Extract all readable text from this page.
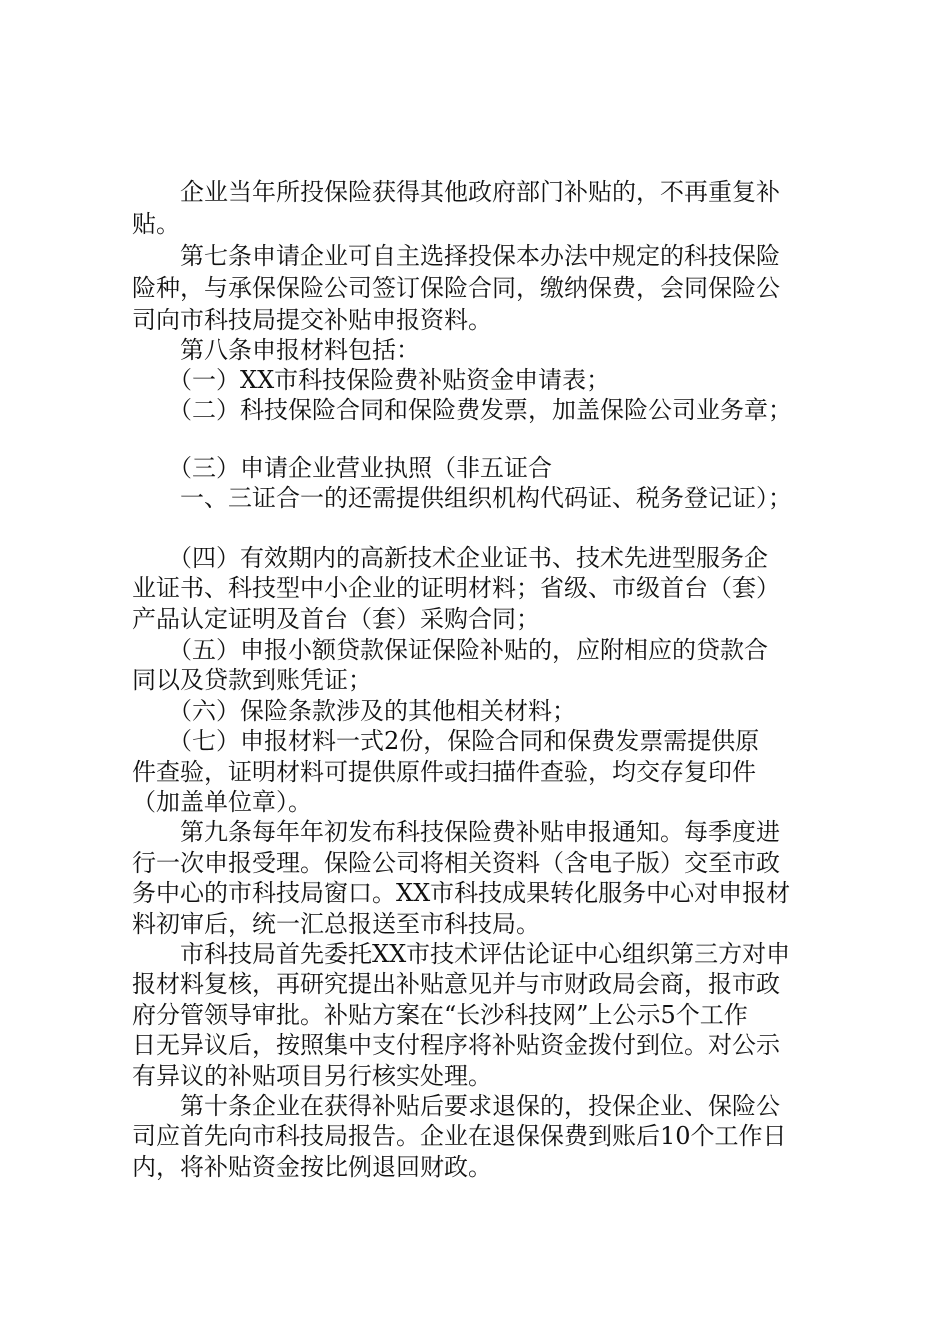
　　企业当年所投保险获得其他政府部门补贴的，不再重复补
贴。
　　第七条申请企业可自主选择投保本办法中规定的科技保险
险种，与承保保险公司签订保险合同，缴纳保费，会同保险公
司向市科技局提交补贴申报资料。
　　第八条申报材料包括：
　　（一）XX市科技保险费补贴资金申请表；
　　（二）科技保险合同和保险费发票，加盖保险公司业务章；
　　（三）申请企业营业执照（非五证合
　　一、三证合一的还需提供组织机构代码证、税务登记证）；
　　（四）有效期内的高新技术企业证书、技术先进型服务企
业证书、科技型中小企业的证明材料；省级、市级首台（套）
产品认定证明及首台（套）采购合同；
　　（五）申报小额贷款保证保险补贴的，应附相应的贷款合
同以及贷款到账凭证；
　　（六）保险条款涉及的其他相关材料；
　　（七）申报材料一式2份，保险合同和保费发票需提供原
件查验，证明材料可提供原件或扫描件查验，均交存复印件
（加盖单位章）。
　　第九条每年年初发布科技保险费补贴申报通知。每季度进
行一次申报受理。保险公司将相关资料（含电子版）交至市政
务中心的市科技局窗口。XX市科技成果转化服务中心对申报材
料初审后，统一汇总报送至市科技局。
　　市科技局首先委托XX市技术评估论证中心组织第三方对申
报材料复核，再研究提出补贴意见并与市财政局会商，报市政
府分管领导审批。补贴方案在“长沙科技网”上公示5个工作
日无异议后，按照集中支付程序将补贴资金拨付到位。对公示
有异议的补贴项目另行核实处理。
　　第十条企业在获得补贴后要求退保的，投保企业、保险公
司应首先向市科技局报告。企业在退保保费到账后10个工作日
内，将补贴资金按比例退回财政。
